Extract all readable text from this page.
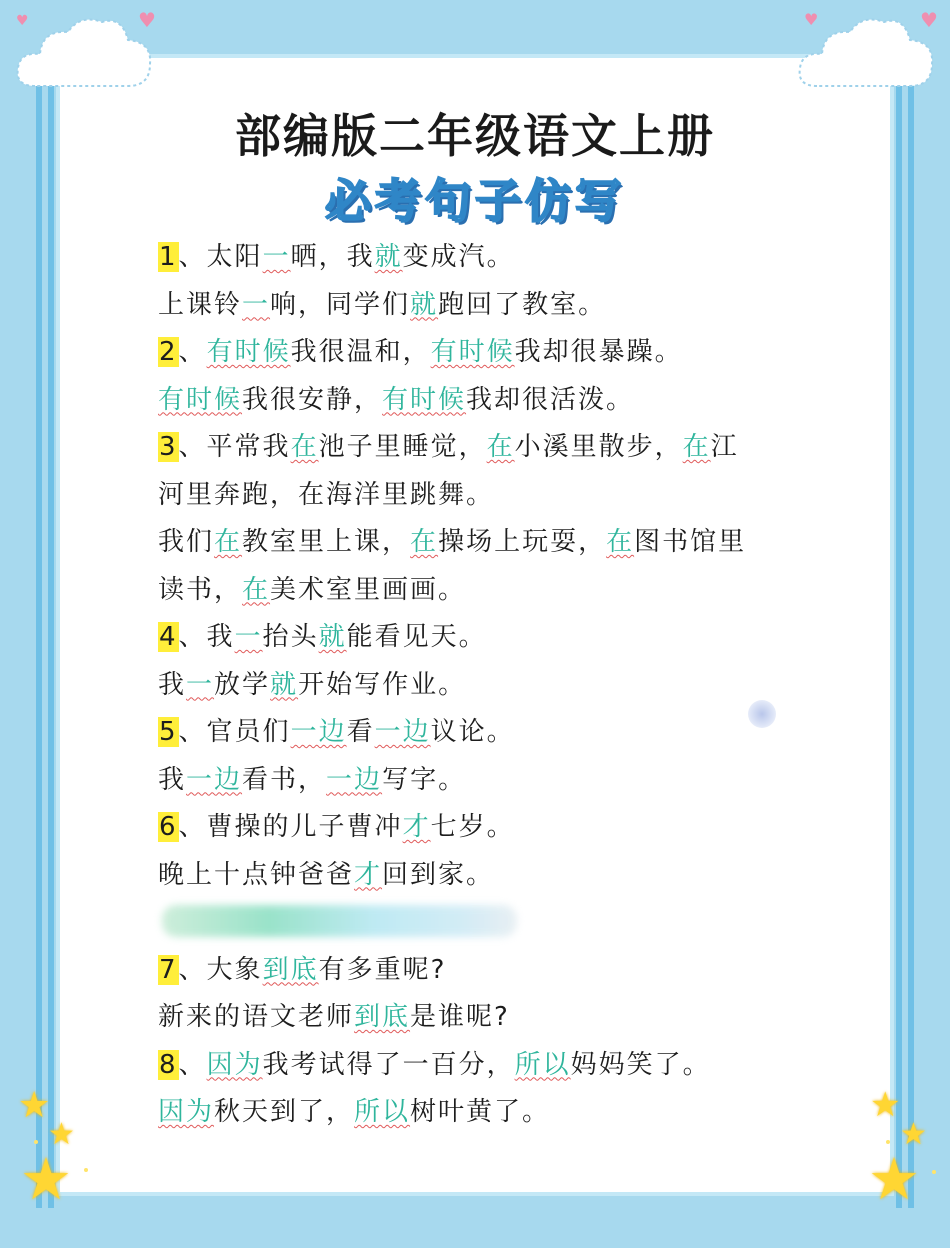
♥	♥	♥	♥
★
★
★
★
★
★
部编版二年级语文上册
必考句子仿写
1、太阳一晒，我就变成汽。
上课铃一响，同学们就跑回了教室。
2、有时候我很温和，有时候我却很暴躁。
有时候我很安静，有时候我却很活泼。
3、平常我在池子里睡觉，在小溪里散步，在江
河里奔跑，在海洋里跳舞。
我们在教室里上课，在操场上玩耍，在图书馆里
读书，在美术室里画画。
4、我一抬头就能看见天。
我一放学就开始写作业。
5、官员们一边看一边议论。
我一边看书，一边写字。
6、曹操的儿子曹冲才七岁。
晚上十点钟爸爸才回到家。
7、大象到底有多重呢?
新来的语文老师到底是谁呢?
8、因为我考试得了一百分，所以妈妈笑了。
因为秋天到了，所以树叶黄了。
